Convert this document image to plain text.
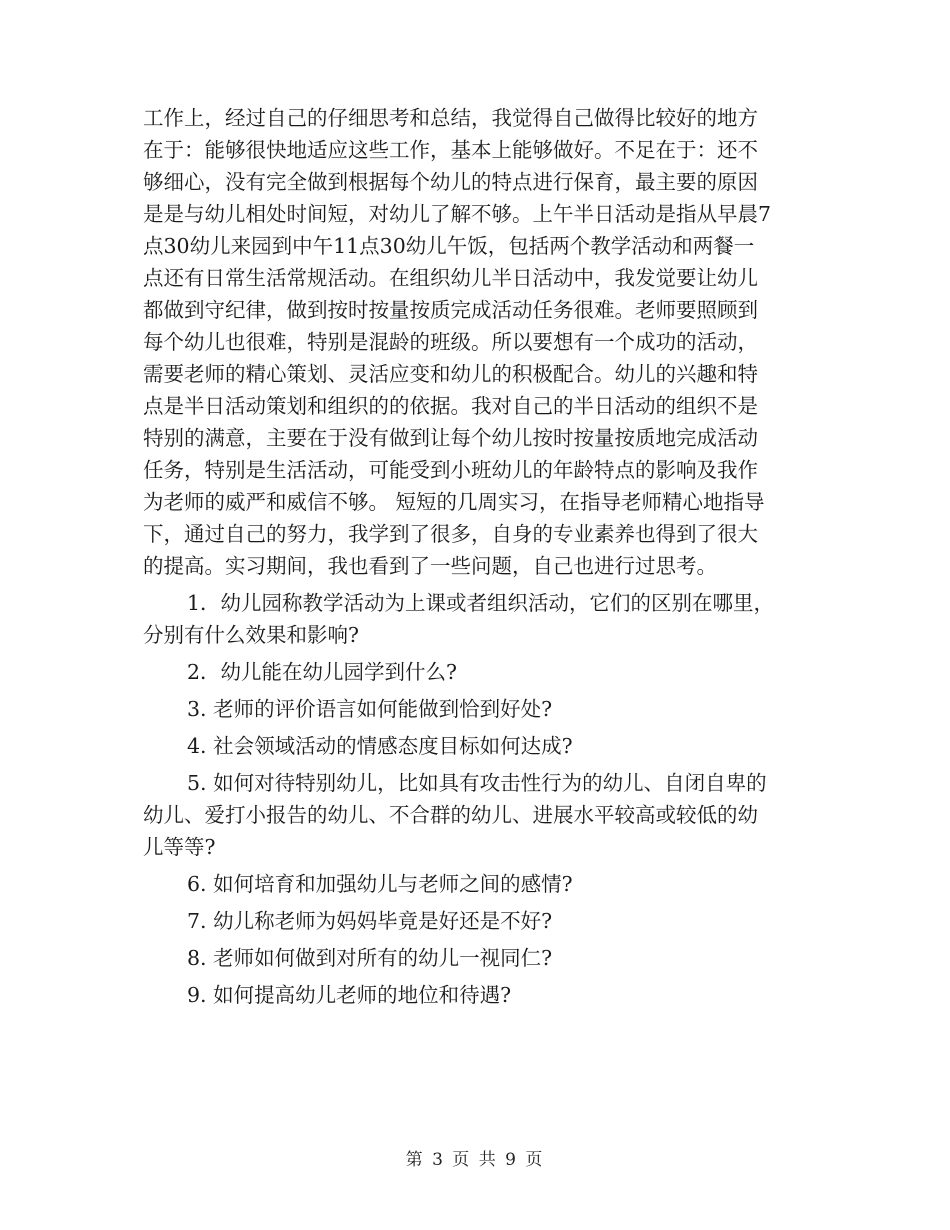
工作上，经过自己的仔细思考和总结，我觉得自己做得比较好的地方
在于：能够很快地适应这些工作，基本上能够做好。不足在于：还不
够细心，没有完全做到根据每个幼儿的特点进行保育，最主要的原因
是是与幼儿相处时间短，对幼儿了解不够。上午半日活动是指从早晨7
点30幼儿来园到中午11点30幼儿午饭，包括两个教学活动和两餐一
点还有日常生活常规活动。在组织幼儿半日活动中，我发觉要让幼儿
都做到守纪律，做到按时按量按质完成活动任务很难。老师要照顾到
每个幼儿也很难，特别是混龄的班级。所以要想有一个成功的活动，
需要老师的精心策划、灵活应变和幼儿的积极配合。幼儿的兴趣和特
点是半日活动策划和组织的的依据。我对自己的半日活动的组织不是
特别的满意，主要在于没有做到让每个幼儿按时按量按质地完成活动
任务，特别是生活活动，可能受到小班幼儿的年龄特点的影响及我作
为老师的威严和威信不够。 短短的几周实习，在指导老师精心地指导
下，通过自己的努力，我学到了很多，自身的专业素养也得到了很大
的提高。实习期间，我也看到了一些问题，自己也进行过思考。
1．幼儿园称教学活动为上课或者组织活动，它们的区别在哪里，
分别有什么效果和影响?
2．幼儿能在幼儿园学到什么?
3. 老师的评价语言如何能做到恰到好处?
4. 社会领域活动的情感态度目标如何达成?
5. 如何对待特别幼儿，比如具有攻击性行为的幼儿、自闭自卑的
幼儿、爱打小报告的幼儿、不合群的幼儿、进展水平较高或较低的幼
儿等等?
6. 如何培育和加强幼儿与老师之间的感情?
7. 幼儿称老师为妈妈毕竟是好还是不好?
8. 老师如何做到对所有的幼儿一视同仁?
9. 如何提高幼儿老师的地位和待遇?
第 3 页 共 9 页
